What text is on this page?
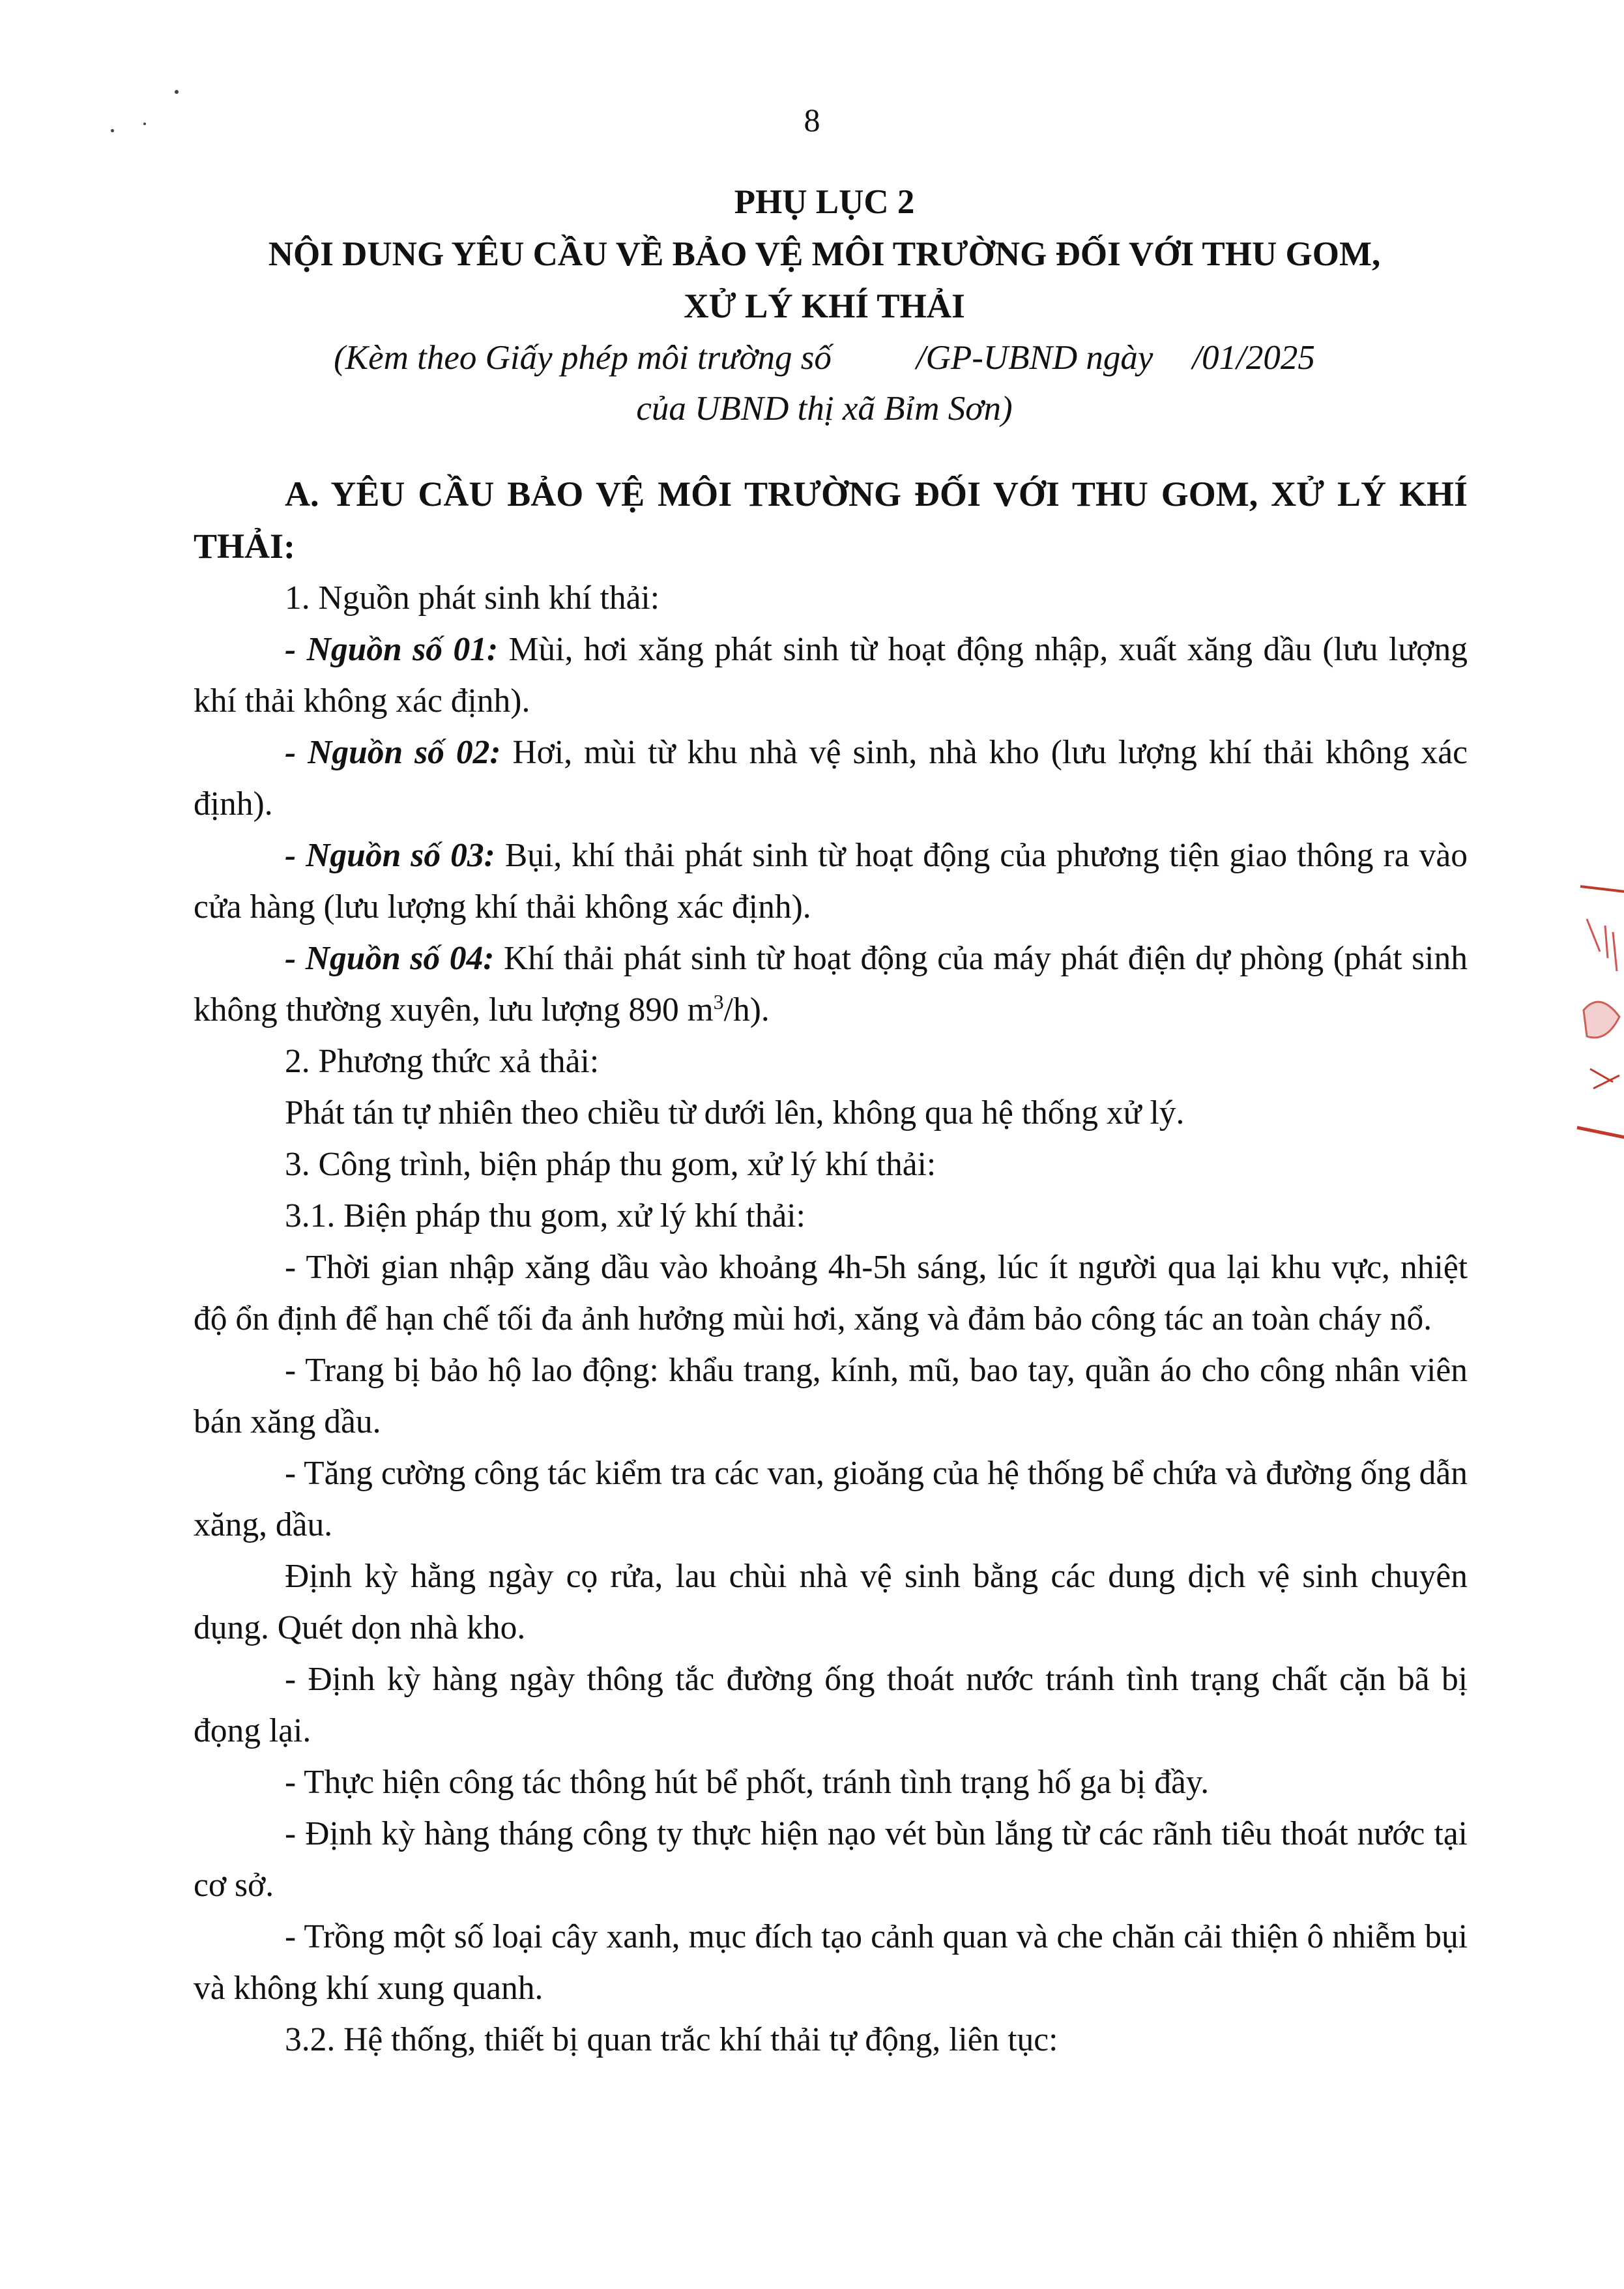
8
PHỤ LỤC 2
NỘI DUNG YÊU CẦU VỀ BẢO VỆ MÔI TRƯỜNG ĐỐI VỚI THU GOM,
XỬ LÝ KHÍ THẢI
(Kèm theo Giấy phép môi trường số /GP-UBND ngày /01/2025
của UBND thị xã Bỉm Sơn)

A. YÊU CẦU BẢO VỆ MÔI TRƯỜNG ĐỐI VỚI THU GOM, XỬ LÝ KHÍ THẢI:

1. Nguồn phát sinh khí thải:

- Nguồn số 01: Mùi, hơi xăng phát sinh từ hoạt động nhập, xuất xăng dầu (lưu lượng khí thải không xác định).

- Nguồn số 02: Hơi, mùi từ khu nhà vệ sinh, nhà kho (lưu lượng khí thải không xác định).

- Nguồn số 03: Bụi, khí thải phát sinh từ hoạt động của phương tiện giao thông ra vào cửa hàng (lưu lượng khí thải không xác định).

- Nguồn số 04: Khí thải phát sinh từ hoạt động của máy phát điện dự phòng (phát sinh không thường xuyên, lưu lượng 890 $m^3/h$).

2. Phương thức xả thải:

Phát tán tự nhiên theo chiều từ dưới lên, không qua hệ thống xử lý.

3. Công trình, biện pháp thu gom, xử lý khí thải:

3.1. Biện pháp thu gom, xử lý khí thải:

- Thời gian nhập xăng dầu vào khoảng 4h-5h sáng, lúc ít người qua lại khu vực, nhiệt độ ổn định để hạn chế tối đa ảnh hưởng mùi hơi, xăng và đảm bảo công tác an toàn cháy nổ.

- Trang bị bảo hộ lao động: khẩu trang, kính, mũ, bao tay, quần áo cho công nhân viên bán xăng dầu.

- Tăng cường công tác kiểm tra các van, gioăng của hệ thống bể chứa và đường ống dẫn xăng, dầu.

Định kỳ hằng ngày cọ rửa, lau chùi nhà vệ sinh bằng các dung dịch vệ sinh chuyên dụng. Quét dọn nhà kho.

- Định kỳ hàng ngày thông tắc đường ống thoát nước tránh tình trạng chất cặn bã bị đọng lại.

- Thực hiện công tác thông hút bể phốt, tránh tình trạng hố ga bị đầy.

- Định kỳ hàng tháng công ty thực hiện nạo vét bùn lắng từ các rãnh tiêu thoát nước tại cơ sở.

- Trồng một số loại cây xanh, mục đích tạo cảnh quan và che chăn cải thiện ô nhiễm bụi và không khí xung quanh.

3.2. Hệ thống, thiết bị quan trắc khí thải tự động, liên tục:
